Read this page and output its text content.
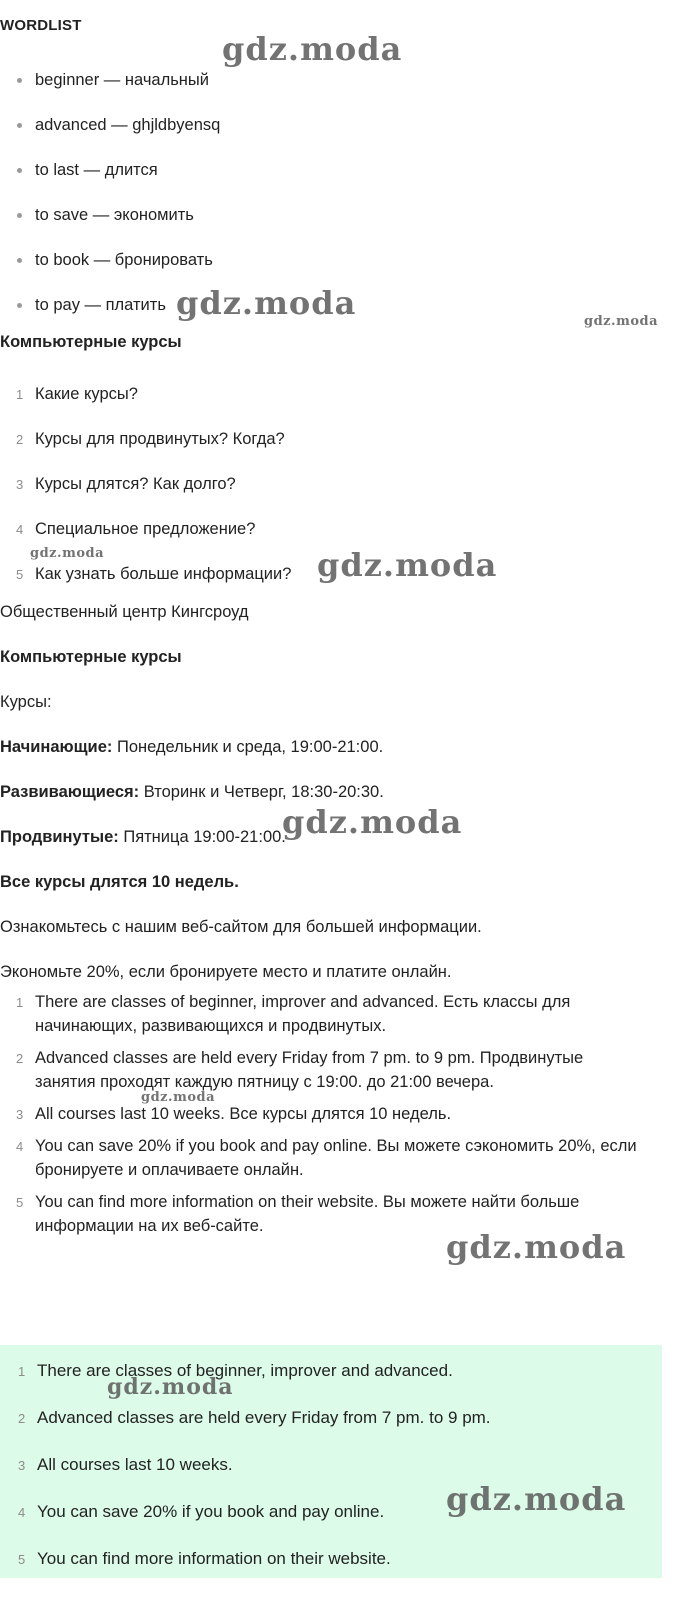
WORDLIST
beginner — начальный
advanced — ghjldbyensq
to last — длится
to save — экономить
to book — бронировать
to pay — платить
Компьютерные курсы
1 Какие курсы?
2 Курсы для продвинутых? Когда?
3 Курсы длятся? Как долго?
4 Специальное предложение?
5 Как узнать больше информации?
Общественный центр Кингсроуд
Компьютерные курсы
Курсы:
Начинающие: Понедельник и среда, 19:00-21:00.
Развивающиеся: Вторинк и Четверг, 18:30-20:30.
Продвинутые: Пятница 19:00-21:00.
Все курсы длятся 10 недель.
Ознакомьтесь с нашим веб-сайтом для большей информации.
Экономьте 20%, если бронируете место и платите онлайн.
1 There are classes of beginner, improver and advanced. Есть классы для начинающих, развивающихся и продвинутых.
2 Advanced classes are held every Friday from 7 pm. to 9 pm. Продвинутые занятия проходят каждую пятницу с 19:00. до 21:00 вечера.
3 All courses last 10 weeks. Все курсы длятся 10 недель.
4 You can save 20% if you book and pay online. Вы можете сэкономить 20%, если бронируете и оплачиваете онлайн.
5 You can find more information on their website. Вы можете найти больше информации на их веб-сайте.
1 There are classes of beginner, improver and advanced.
2 Advanced classes are held every Friday from 7 pm. to 9 pm.
3 All courses last 10 weeks.
4 You can save 20% if you book and pay online.
5 You can find more information on their website.
gdz.moda
gdz.moda	gdz.moda
gdz.moda	gdz.moda
gdz.moda
gdz.moda
gdz.moda
gdz.moda
gdz.moda
